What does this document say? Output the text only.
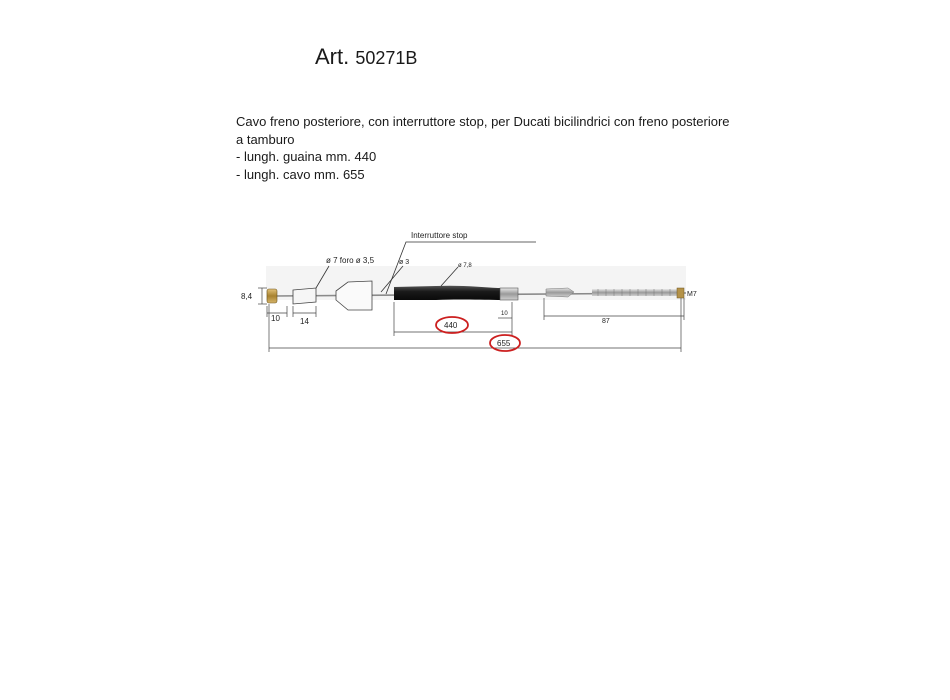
Art. 50271B
Cavo freno posteriore, con interruttore stop, per Ducati bicilindrici con freno posteriore
a tamburo
- lungh. guaina mm. 440
- lungh. cavo mm. 655
Interruttore stop
ø 7 foro ø 3,5	ø 3	ø 7,8
8,4
10	14	440
10
87
655
M7
